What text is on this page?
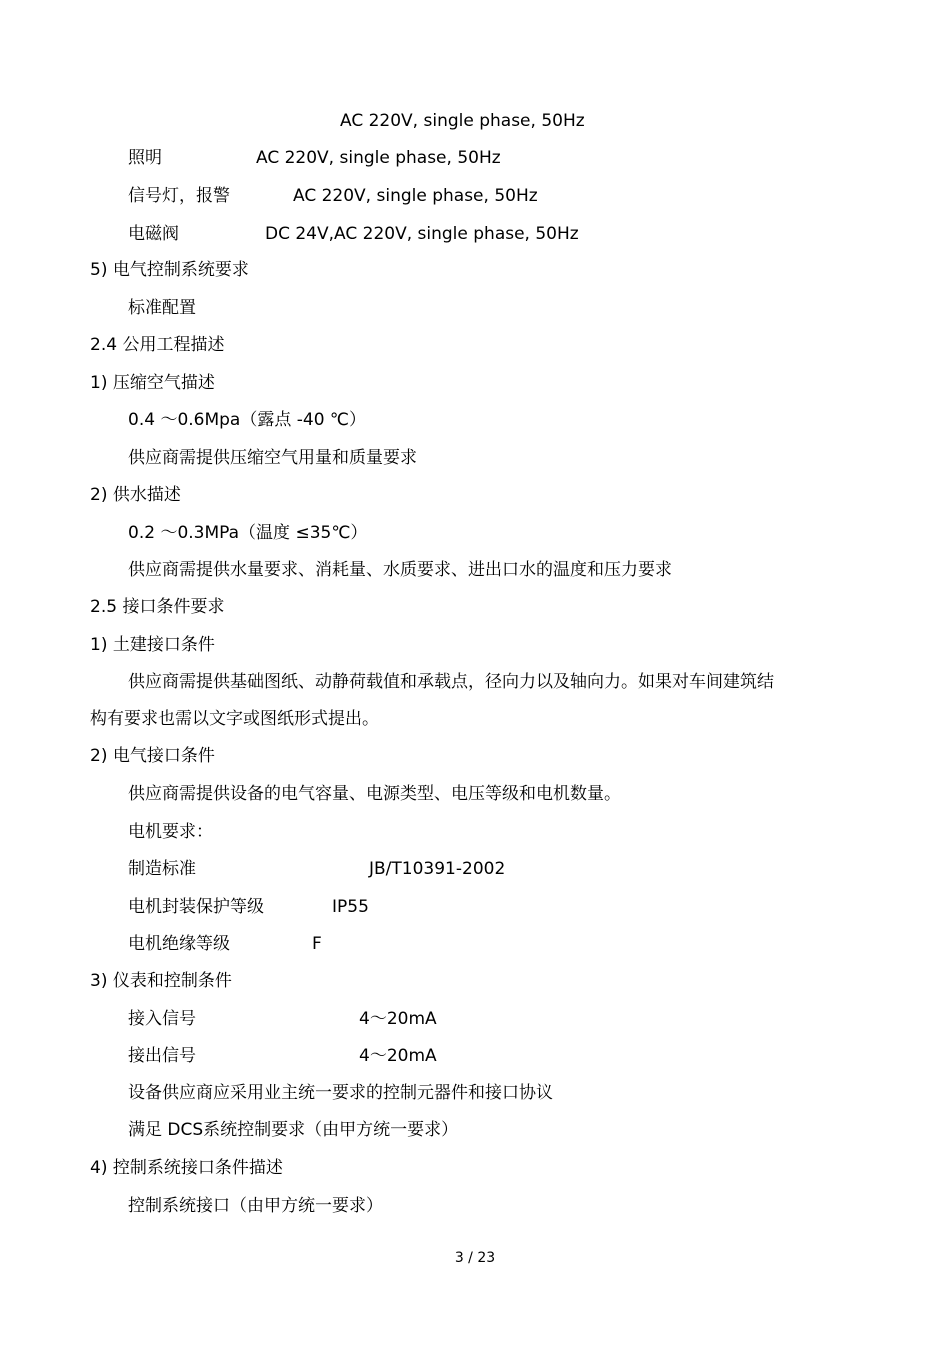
AC 220V, single phase, 50Hz
照明	AC 220V, single phase, 50Hz
信号灯，报警	AC 220V, single phase, 50Hz
电磁阀	DC 24V,AC 220V, single phase, 50Hz
5) 电气控制系统要求
标准配置
2.4 公用工程描述
1) 压缩空气描述
0.4 ～0.6Mpa（露点 -40 ℃）
供应商需提供压缩空气用量和质量要求
2) 供水描述
0.2 ～0.3MPa（温度 ≤35℃）
供应商需提供水量要求、消耗量、水质要求、进出口水的温度和压力要求
2.5 接口条件要求
1) 土建接口条件
供应商需提供基础图纸、动静荷载值和承载点，径向力以及轴向力。如果对车间建筑结
构有要求也需以文字或图纸形式提出。
2) 电气接口条件
供应商需提供设备的电气容量、电源类型、电压等级和电机数量。
电机要求：
制造标准	JB/T10391-2002
电机封装保护等级	IP55
电机绝缘等级	F
3) 仪表和控制条件
接入信号	4～20mA
接出信号	4～20mA
设备供应商应采用业主统一要求的控制元器件和接口协议
满足 DCS系统控制要求（由甲方统一要求）
4) 控制系统接口条件描述
控制系统接口（由甲方统一要求）
3 / 23
